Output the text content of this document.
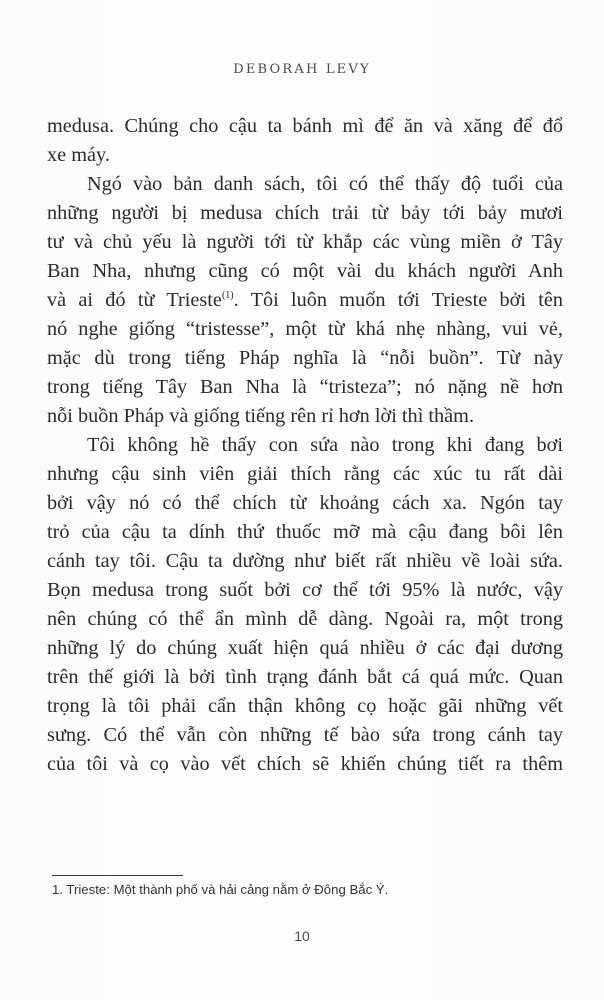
DEBORAH LEVY
medusa. Chúng cho cậu ta bánh mì để ăn và xăng để đổ
xe máy.
Ngó vào bản danh sách, tôi có thể thấy độ tuổi của
những người bị medusa chích trải từ bảy tới bảy mươi
tư và chủ yếu là người tới từ khắp các vùng miền ở Tây
Ban Nha, nhưng cũng có một vài du khách người Anh
và ai đó từ Trieste$^{(1)}$. Tôi luôn muốn tới Trieste bởi tên
nó nghe giống “tristesse”, một từ khá nhẹ nhàng, vui vẻ,
mặc dù trong tiếng Pháp nghĩa là “nỗi buồn”. Từ này
trong tiếng Tây Ban Nha là “tristeza”; nó nặng nề hơn
nỗi buồn Pháp và giống tiếng rên rỉ hơn lời thì thầm.
Tôi không hề thấy con sứa nào trong khi đang bơi
nhưng cậu sinh viên giải thích rằng các xúc tu rất dài
bởi vậy nó có thể chích từ khoảng cách xa. Ngón tay
trỏ của cậu ta dính thứ thuốc mỡ mà cậu đang bôi lên
cánh tay tôi. Cậu ta dường như biết rất nhiều về loài sứa.
Bọn medusa trong suốt bởi cơ thể tới 95% là nước, vậy
nên chúng có thể ẩn mình dễ dàng. Ngoài ra, một trong
những lý do chúng xuất hiện quá nhiều ở các đại dương
trên thế giới là bởi tình trạng đánh bắt cá quá mức. Quan
trọng là tôi phải cẩn thận không cọ hoặc gãi những vết
sưng. Có thể vẫn còn những tế bào sứa trong cánh tay
của tôi và cọ vào vết chích sẽ khiến chúng tiết ra thêm
1. Trieste: Một thành phố và hải cảng nằm ở Đông Bắc Ý.
10
